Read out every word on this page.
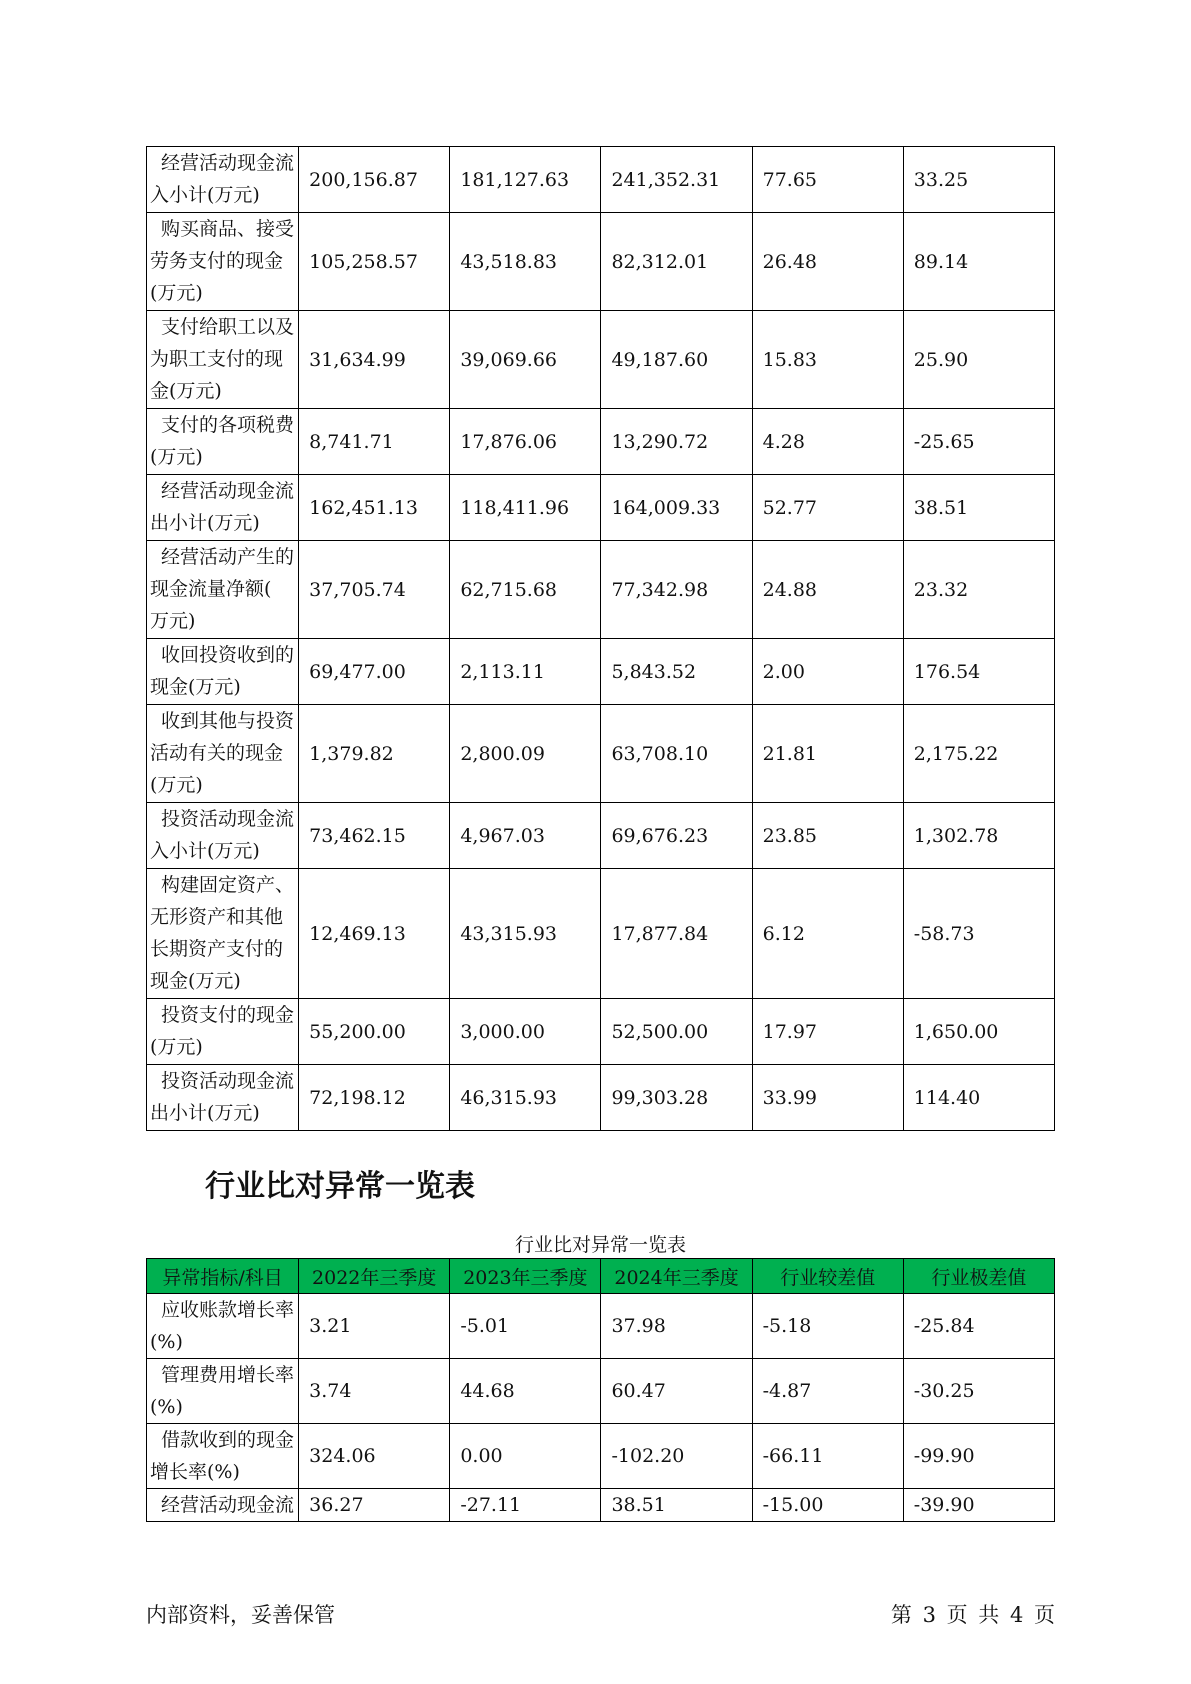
经营活动现金流
入小计(万元)	200,156.87	181,127.63	241,352.31	77.65	33.25
购买商品、接受
劳务支付的现金
(万元)	105,258.57	43,518.83	82,312.01	26.48	89.14
支付给职工以及
为职工支付的现
金(万元)	31,634.99	39,069.66	49,187.60	15.83	25.90
支付的各项税费
(万元)	8,741.71	17,876.06	13,290.72	4.28	-25.65
经营活动现金流
出小计(万元)	162,451.13	118,411.96	164,009.33	52.77	38.51
经营活动产生的
现金流量净额(
万元)	37,705.74	62,715.68	77,342.98	24.88	23.32
收回投资收到的
现金(万元)	69,477.00	2,113.11	5,843.52	2.00	176.54
收到其他与投资
活动有关的现金
(万元)	1,379.82	2,800.09	63,708.10	21.81	2,175.22
投资活动现金流
入小计(万元)	73,462.15	4,967.03	69,676.23	23.85	1,302.78
构建固定资产、
无形资产和其他
长期资产支付的
现金(万元)	12,469.13	43,315.93	17,877.84	6.12	-58.73
投资支付的现金
(万元)	55,200.00	3,000.00	52,500.00	17.97	1,650.00
投资活动现金流
出小计(万元)	72,198.12	46,315.93	99,303.28	33.99	114.40
行业比对异常一览表
行业比对异常一览表
异常指标/科目	2022年三季度	2023年三季度	2024年三季度	行业较差值	行业极差值
应收账款增长率
(%)	3.21	-5.01	37.98	-5.18	-25.84
管理费用增长率
(%)	3.74	44.68	60.47	-4.87	-30.25
借款收到的现金
增长率(%)	324.06	0.00	-102.20	-66.11	-99.90
经营活动现金流	36.27	-27.11	38.51	-15.00	-39.90
内部资料，妥善保管	第 3 页 共 4 页
